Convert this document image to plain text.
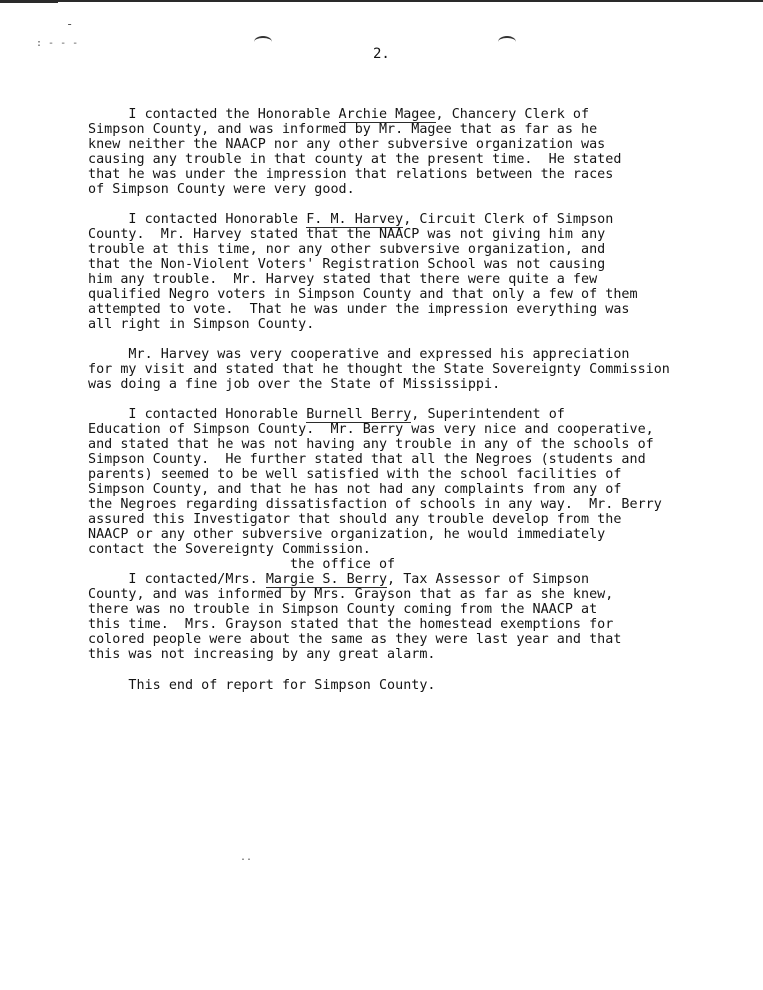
-
: - - -
..
2.
I contacted the Honorable Archie Magee, Chancery Clerk of
Simpson County, and was informed by Mr. Magee that as far as he
knew neither the NAACP nor any other subversive organization was
causing any trouble in that county at the present time.  He stated
that he was under the impression that relations between the races
of Simpson County were very good.
I contacted Honorable F. M. Harvey, Circuit Clerk of Simpson
County.  Mr. Harvey stated that the NAACP was not giving him any
trouble at this time, nor any other subversive organization, and
that the Non-Violent Voters' Registration School was not causing
him any trouble.  Mr. Harvey stated that there were quite a few
qualified Negro voters in Simpson County and that only a few of them
attempted to vote.  That he was under the impression everything was
all right in Simpson County.
Mr. Harvey was very cooperative and expressed his appreciation
for my visit and stated that he thought the State Sovereignty Commission
was doing a fine job over the State of Mississippi.
I contacted Honorable Burnell Berry, Superintendent of
Education of Simpson County.  Mr. Berry was very nice and cooperative,
and stated that he was not having any trouble in any of the schools of
Simpson County.  He further stated that all the Negroes (students and
parents) seemed to be well satisfied with the school facilities of
Simpson County, and that he has not had any complaints from any of
the Negroes regarding dissatisfaction of schools in any way.  Mr. Berry
assured this Investigator that should any trouble develop from the
NAACP or any other subversive organization, he would immediately
contact the Sovereignty Commission.
the office of
I contacted/Mrs. Margie S. Berry, Tax Assessor of Simpson
County, and was informed by Mrs. Grayson that as far as she knew,
there was no trouble in Simpson County coming from the NAACP at
this time.  Mrs. Grayson stated that the homestead exemptions for
colored people were about the same as they were last year and that
this was not increasing by any great alarm.
This end of report for Simpson County.
